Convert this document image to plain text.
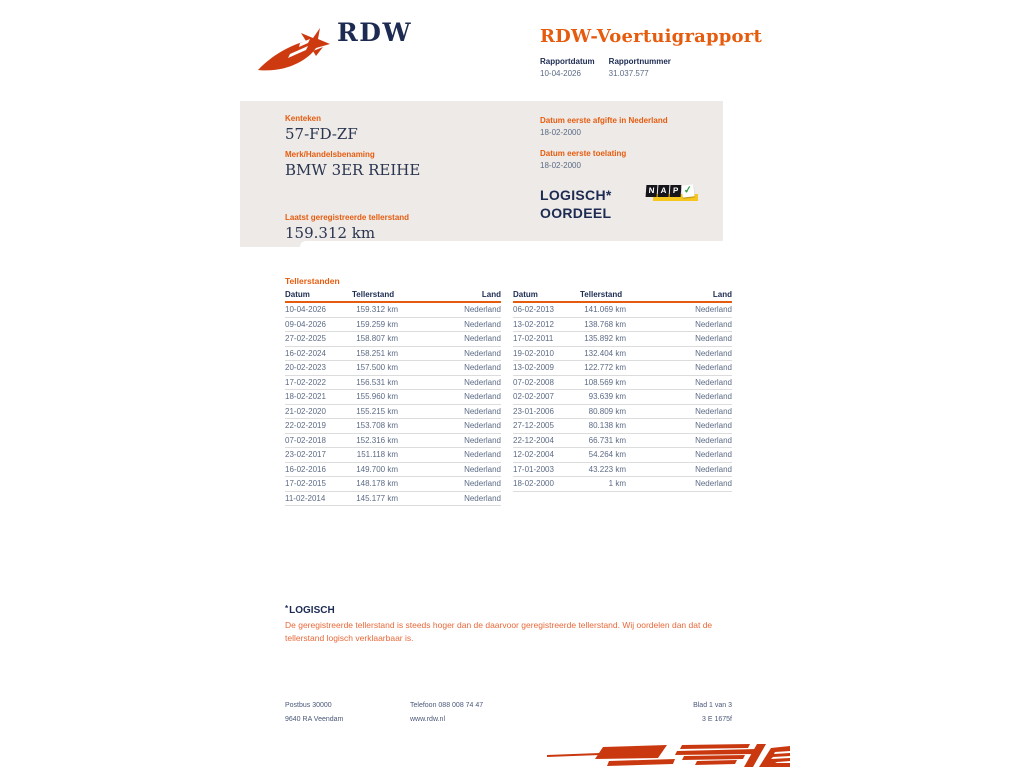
RDW	RDW-Voertuigrapport
Rapportdatum
10-04-2026
Rapportnummer
31.037.577
Kenteken
57-FD-ZF
Merk/Handelsbenaming
BMW 3ER REIHE
Laatst geregistreerde tellerstand
159.312 km
Datum eerste afgifte in Nederland
18-02-2000
Datum eerste toelating
18-02-2000
LOGISCH*
OORDEEL
N A P ✓
Tellerstanden
Datum	Tellerstand	Land
10-04-2026	159.312 km	Nederland
09-04-2026	159.259 km	Nederland
27-02-2025	158.807 km	Nederland
16-02-2024	158.251 km	Nederland
20-02-2023	157.500 km	Nederland
17-02-2022	156.531 km	Nederland
18-02-2021	155.960 km	Nederland
21-02-2020	155.215 km	Nederland
22-02-2019	153.708 km	Nederland
07-02-2018	152.316 km	Nederland
23-02-2017	151.118 km	Nederland
16-02-2016	149.700 km	Nederland
17-02-2015	148.178 km	Nederland
11-02-2014	145.177 km	Nederland
Datum	Tellerstand	Land
06-02-2013	141.069 km	Nederland
13-02-2012	138.768 km	Nederland
17-02-2011	135.892 km	Nederland
19-02-2010	132.404 km	Nederland
13-02-2009	122.772 km	Nederland
07-02-2008	108.569 km	Nederland
02-02-2007	93.639 km	Nederland
23-01-2006	80.809 km	Nederland
27-12-2005	80.138 km	Nederland
22-12-2004	66.731 km	Nederland
12-02-2004	54.264 km	Nederland
17-01-2003	43.223 km	Nederland
18-02-2000	1 km	Nederland
*LOGISCH
De geregistreerde tellerstand is steeds hoger dan de daarvoor geregistreerde tellerstand. Wij oordelen dan dat de tellerstand logisch verklaarbaar is.
Postbus 30000
9640 RA Veendam
Telefoon 088 008 74 47
www.rdw.nl
Blad 1 van 3
3 E 1675f
